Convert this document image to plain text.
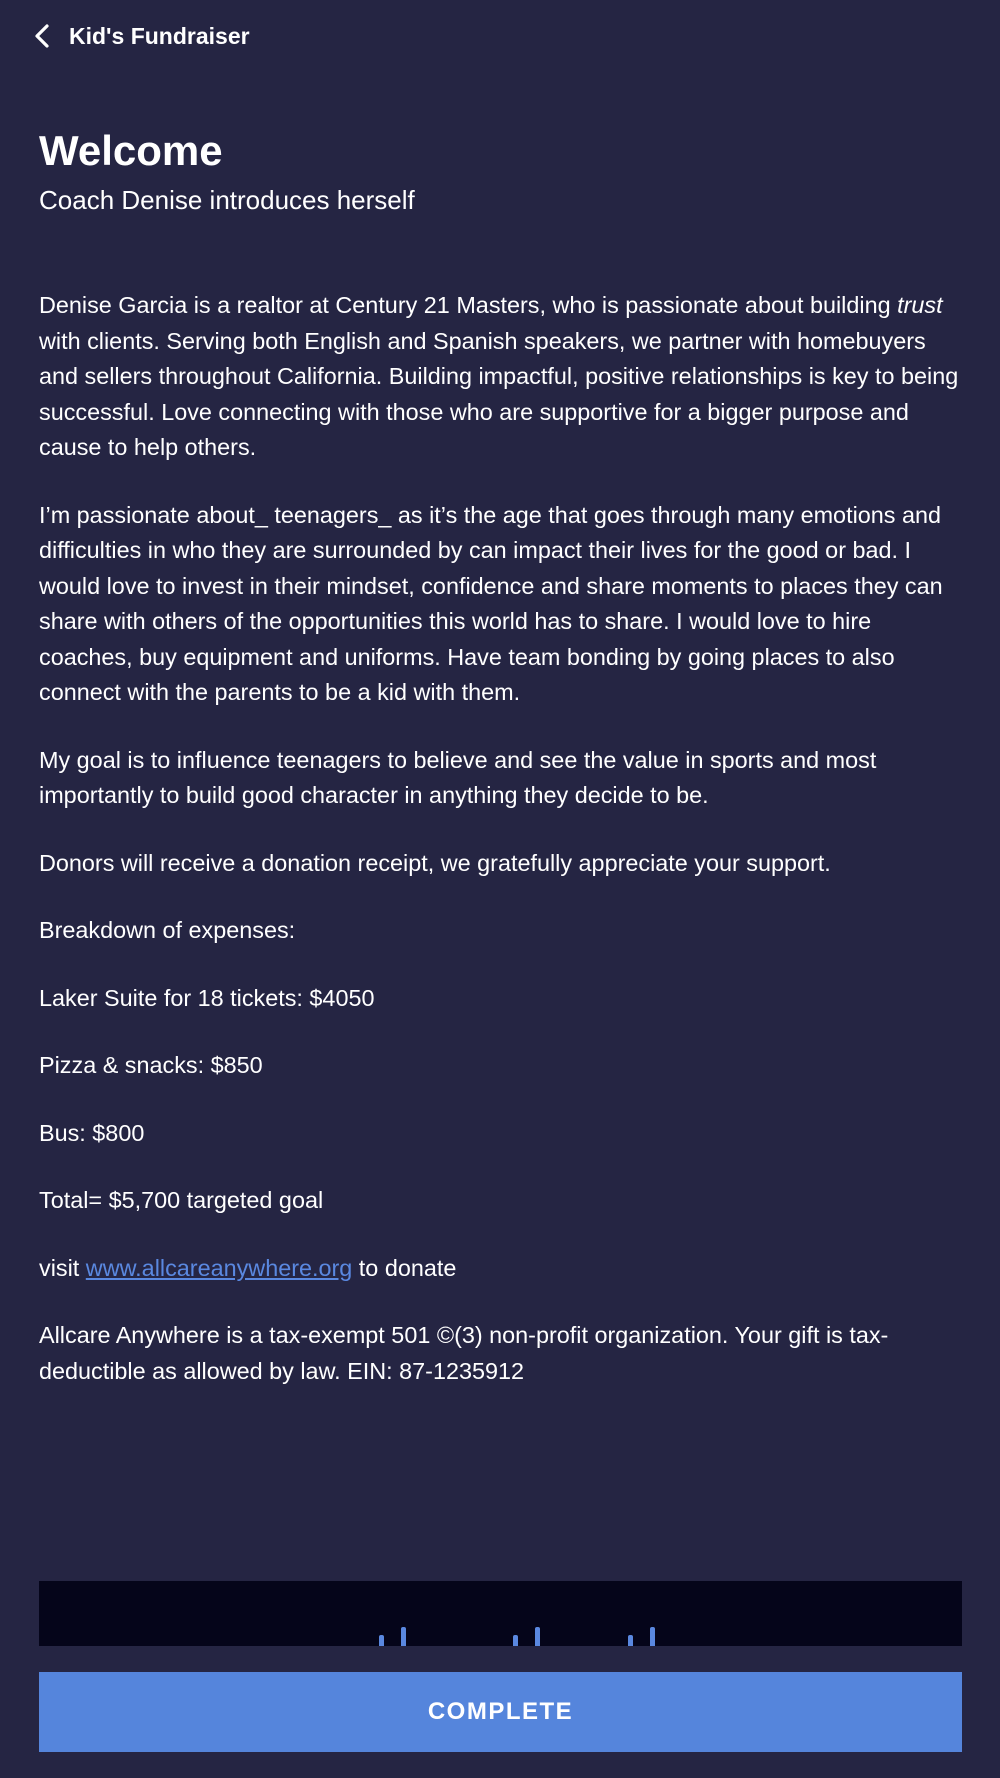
Kid's Fundraiser
Welcome
Coach Denise introduces herself

Denise Garcia is a realtor at Century 21 Masters, who is passionate about building trust with clients. Serving both English and Spanish speakers, we partner with homebuyers and sellers throughout California. Building impactful, positive relationships is key to being successful. Love connecting with those who are supportive for a bigger purpose and cause to help others.

I’m passionate about_ teenagers_ as it’s the age that goes through many emotions and difficulties in who they are surrounded by can impact their lives for the good or bad. I would love to invest in their mindset, confidence and share moments to places they can share with others of the opportunities this world has to share. I would love to hire coaches, buy equipment and uniforms. Have team bonding by going places to also connect with the parents to be a kid with them.

My goal is to influence teenagers to believe and see the value in sports and most importantly to build good character in anything they decide to be.

Donors will receive a donation receipt, we gratefully appreciate your support.

Breakdown of expenses:

Laker Suite for 18 tickets: $4050

Pizza & snacks: $850

Bus: $800

Total= $5,700 targeted goal

visit www.allcareanywhere.org to donate

Allcare Anywhere is a tax-exempt 501 ©(3) non-profit organization. Your gift is tax-deductible as allowed by law. EIN: 87-1235912

COMPLETE
